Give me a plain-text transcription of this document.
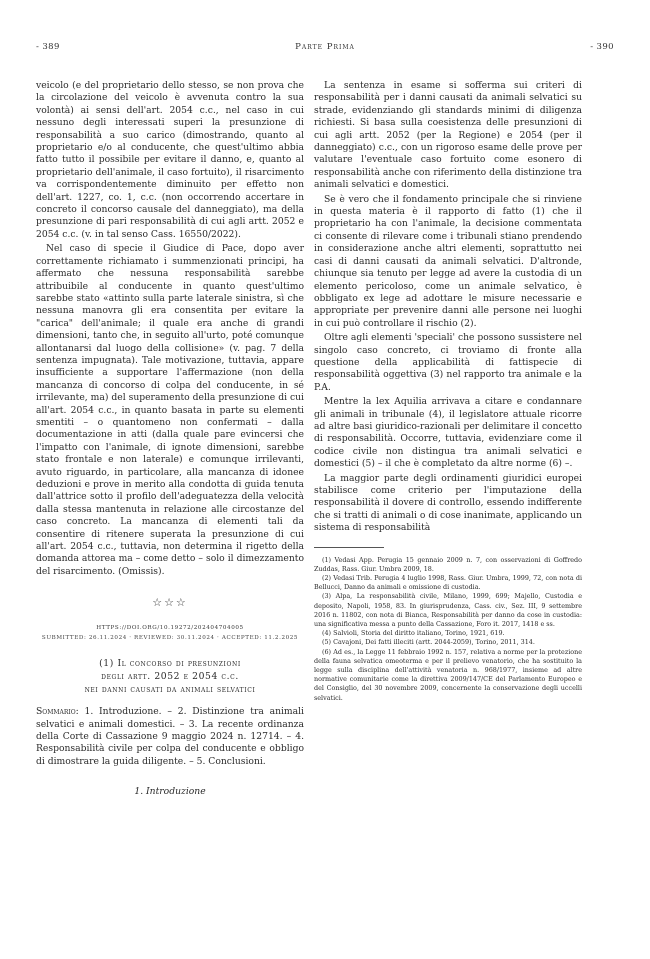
Parte Prima
- 389	- 390

veicolo (e del proprietario dello stesso, se non prova che la circolazione del veicolo è avvenuta contro la sua volontà) ai sensi dell'art. 2054 c.c., nel caso in cui nessuno degli interessati superi la presunzione di responsabilità a suo carico (dimostrando, quanto al proprietario e/o al conducente, che quest'ultimo abbia fatto tutto il possibile per evitare il danno, e, quanto al proprietario dell'animale, il caso fortuito), il risarcimento va corrispondentemente diminuito per effetto non dell'art. 1227, co. 1, c.c. (non occorrendo accertare in concreto il concorso causale del danneggiato), ma della presunzione di pari responsabilità di cui agli artt. 2052 e 2054 c.c. (v. in tal senso Cass. 16550/2022).

Nel caso di specie il Giudice di Pace, dopo aver correttamente richiamato i summenzionati principi, ha affermato che nessuna responsabilità sarebbe attribuibile al conducente in quanto quest'ultimo sarebbe stato «attinto sulla parte laterale sinistra, sì che nessuna manovra gli era consentita per evitare la "carica" dell'animale; il quale era anche di grandi dimensioni, tanto che, in seguito all'urto, poté comunque allontanarsi dal luogo della collisione» (v. pag. 7 della sentenza impugnata). Tale motivazione, tuttavia, appare insufficiente a supportare l'affermazione (non della mancanza di concorso di colpa del conducente, in sé irrilevante, ma) del superamento della presunzione di cui all'art. 2054 c.c., in quanto basata in parte su elementi smentiti – o quantomeno non confermati – dalla documentazione in atti (dalla quale pare evincersi che l'impatto con l'animale, di ignote dimensioni, sarebbe stato frontale e non laterale) e comunque irrilevanti, avuto riguardo, in particolare, alla mancanza di idonee deduzioni e prove in merito alla condotta di guida tenuta dall'attrice sotto il profilo dell'adeguatezza della velocità dalla stessa mantenuta in relazione alle circostanze del caso concreto. La mancanza di elementi tali da consentire di ritenere superata la presunzione di cui all'art. 2054 c.c., tuttavia, non determina il rigetto della domanda attorea ma – come detto – solo il dimezzamento del risarcimento. (Omissis).

☆☆☆
HTTPS://DOI.ORG/10.19272/202404704005
SUBMITTED: 26.11.2024 · REVIEWED: 30.11.2024 · ACCEPTED: 11.2.2025
(1) Il concorso di presunzioni
degli artt. 2052 e 2054 c.c.
nei danni causati da animali selvatici

Sommario: 1. Introduzione. – 2. Distinzione tra animali selvatici e animali domestici. – 3. La recente ordinanza della Corte di Cassazione 9 maggio 2024 n. 12714. – 4. Responsabilità civile per colpa del conducente e obbligo di dimostrare la guida diligente. – 5. Conclusioni.

1. Introduzione

La sentenza in esame si sofferma sui criteri di responsabilità per i danni causati da animali selvatici su strade, evidenziando gli standards minimi di diligenza richiesti. Si basa sulla coesistenza delle presunzioni di cui agli artt. 2052 (per la Regione) e 2054 (per il danneggiato) c.c., con un rigoroso esame delle prove per valutare l'eventuale caso fortuito come esonero di responsabilità anche con riferimento della distinzione tra animali selvatici e domestici.

Se è vero che il fondamento principale che si rinviene in questa materia è il rapporto di fatto (1) che il proprietario ha con l'animale, la decisione commentata ci consente di rilevare come i tribunali stiano prendendo in considerazione anche altri elementi, soprattutto nei casi di danni causati da animali selvatici. D'altronde, chiunque sia tenuto per legge ad avere la custodia di un elemento pericoloso, come un animale selvatico, è obbligato ex lege ad adottare le misure necessarie e appropriate per prevenire danni alle persone nei luoghi in cui può controllare il rischio (2).

Oltre agli elementi 'speciali' che possono sussistere nel singolo caso concreto, ci troviamo di fronte alla questione della applicabilità di fattispecie di responsabilità oggettiva (3) nel rapporto tra animale e la P.A.

Mentre la lex Aquilia arrivava a citare e condannare gli animali in tribunale (4), il legislatore attuale ricorre ad altre basi giuridico-razionali per delimitare il concetto di responsabilità. Occorre, tuttavia, evidenziare come il codice civile non distingua tra animali selvatici e domestici (5) – il che è completato da altre norme (6) –.

La maggior parte degli ordinamenti giuridici europei stabilisce come criterio per l'imputazione della responsabilità il dovere di controllo, essendo indifferente che si tratti di animali o di cose inanimate, applicando un sistema di responsabilità

(1) Vedasi App. Perugia 15 gennaio 2009 n. 7, con osservazioni di Goffredo Zuddas, Rass. Giur. Umbra 2009, 18.

(2) Vedasi Trib. Perugia 4 luglio 1998, Rass. Giur. Umbra, 1999, 72, con nota di Bellucci, Danno da animali e omissione di custodia.

(3) Alpa, La responsabilità civile, Milano, 1999, 699; Majello, Custodia e deposito, Napoli, 1958, 83. In giurisprudenza, Cass. civ., Sez. III, 9 settembre 2016 n. 11802, con nota di Bianca, Responsabilità per danno da cose in custodia: una significativa messa a punto della Cassazione, Foro it. 2017, 1418 e ss.

(4) Salvioli, Storia del diritto italiano, Torino, 1921, 619.

(5) Cavajoni, Dei fatti illeciti (artt. 2044-2059), Torino, 2011, 314.

(6) Ad es., la Legge 11 febbraio 1992 n. 157, relativa a norme per la protezione della fauna selvatica omeoterma e per il prelievo venatorio, che ha sostituito la legge sulla disciplina dell'attività venatoria n. 968/1977, insieme ad altre normative comunitarie come la direttiva 2009/147/CE del Parlamento Europeo e del Consiglio, del 30 novembre 2009, concernente la conservazione degli uccelli selvatici.
